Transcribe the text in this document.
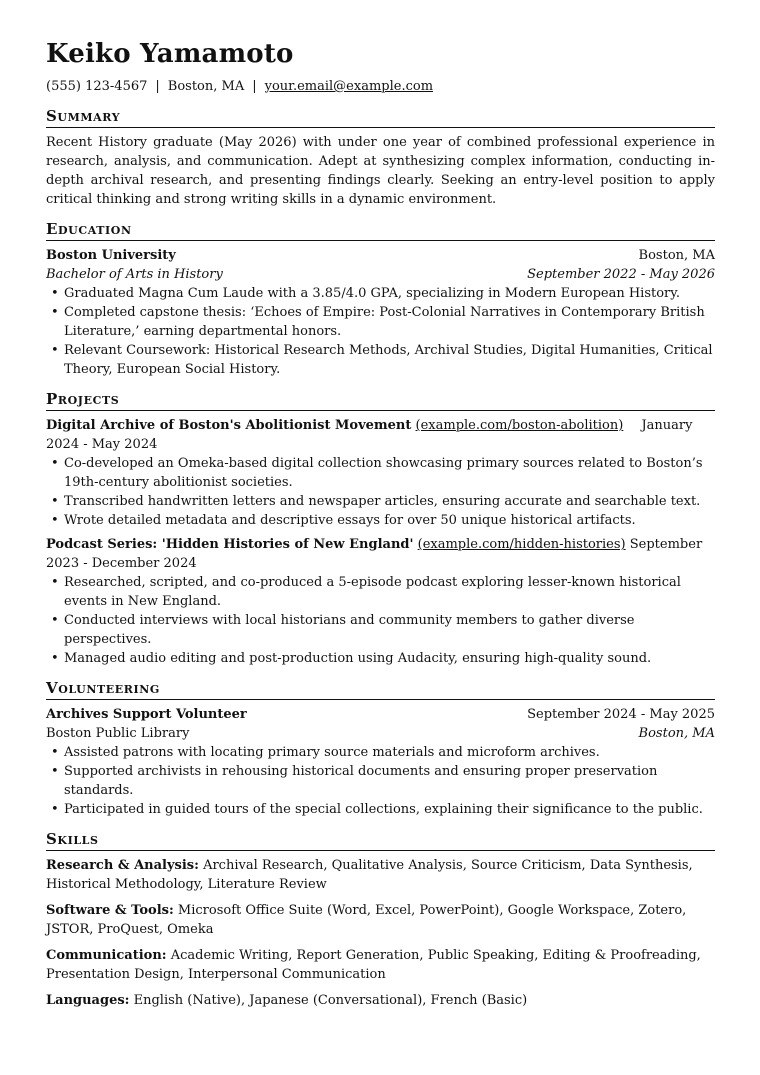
Keiko Yamamoto
(555) 123-4567 | Boston, MA | your.email@example.com
Summary
Recent History graduate (May 2026) with under one year of combined professional experience in research, analysis, and communication. Adept at synthesizing complex information, conducting in-depth archival research, and presenting findings clearly. Seeking an entry-level position to apply critical thinking and strong writing skills in a dynamic environment.
Education
Boston University	Boston, MA
Bachelor of Arts in History	September 2022 - May 2026
• Graduated Magna Cum Laude with a 3.85/4.0 GPA, specializing in Modern European History.
• Completed capstone thesis: ‘Echoes of Empire: Post-Colonial Narratives in Contemporary British Literature,’ earning departmental honors.
• Relevant Coursework: Historical Research Methods, Archival Studies, Digital Humanities, Critical Theory, European Social History.
Projects
Digital Archive of Boston's Abolitionist Movement (example.com/boston-abolition) January 2024 - May 2024
• Co-developed an Omeka-based digital collection showcasing primary sources related to Boston’s 19th-century abolitionist societies.
• Transcribed handwritten letters and newspaper articles, ensuring accurate and searchable text.
• Wrote detailed metadata and descriptive essays for over 50 unique historical artifacts.
Podcast Series: 'Hidden Histories of New England' (example.com/hidden-histories) September 2023 - December 2024
• Researched, scripted, and co-produced a 5-episode podcast exploring lesser-known historical events in New England.
• Conducted interviews with local historians and community members to gather diverse perspectives.
• Managed audio editing and post-production using Audacity, ensuring high-quality sound.
Volunteering
Archives Support Volunteer	September 2024 - May 2025
Boston Public Library	Boston, MA
• Assisted patrons with locating primary source materials and microform archives.
• Supported archivists in rehousing historical documents and ensuring proper preservation standards.
• Participated in guided tours of the special collections, explaining their significance to the public.
Skills
Research & Analysis: Archival Research, Qualitative Analysis, Source Criticism, Data Synthesis, Historical Methodology, Literature Review
Software & Tools: Microsoft Office Suite (Word, Excel, PowerPoint), Google Workspace, Zotero, JSTOR, ProQuest, Omeka
Communication: Academic Writing, Report Generation, Public Speaking, Editing & Proofreading, Presentation Design, Interpersonal Communication
Languages: English (Native), Japanese (Conversational), French (Basic)
